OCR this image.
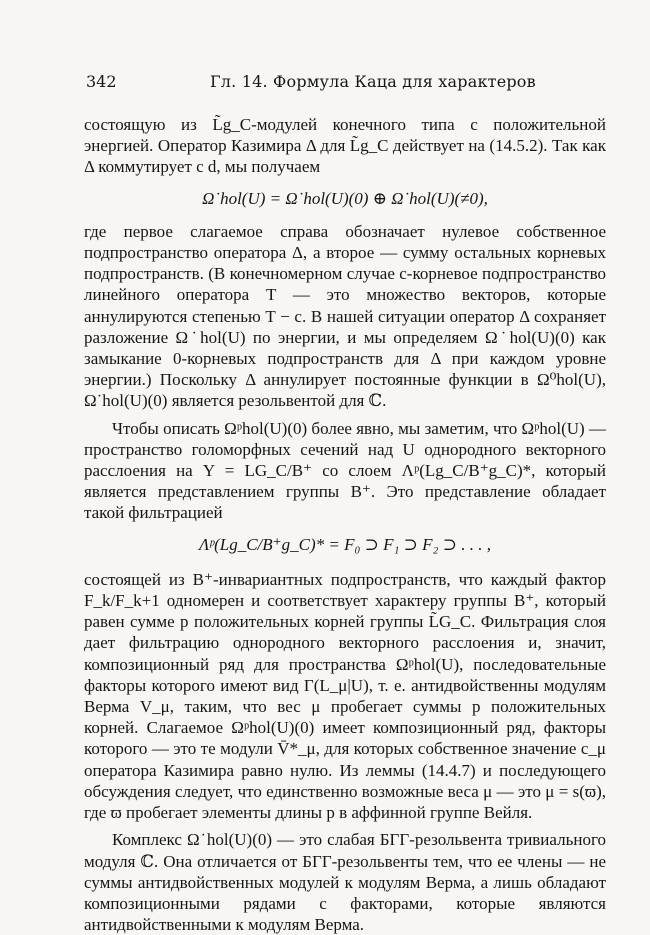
342	Гл. 14. Формула Каца для характеров

состоящую из L̃g_C-модулей конечного типа с положительной энергией. Оператор Казимира Δ для L̃g_C действует на (14.5.2). Так как Δ коммутирует с d, мы получаем

Ω˙hol(U) = Ω˙hol(U)(0) ⊕ Ω˙hol(U)(≠0),

где первое слагаемое справа обозначает нулевое собственное подпространство оператора Δ, а второе — сумму остальных корневых подпространств. (В конечномерном случае c-корневое подпространство линейного оператора T — это множество векторов, которые аннулируются степенью T − c. В нашей ситуации оператор Δ сохраняет разложение Ω˙hol(U) по энергии, и мы определяем Ω˙hol(U)(0) как замыкание 0-корневых подпространств для Δ при каждом уровне энергии.) Поскольку Δ аннулирует постоянные функции в Ω⁰hol(U), Ω˙hol(U)(0) является резольвентой для ℂ.

Чтобы описать Ωᵖhol(U)(0) более явно, мы заметим, что Ωᵖhol(U) — пространство голоморфных сечений над U однородного векторного расслоения на Y = LG_C/B⁺ со слоем Λᵖ(Lg_C/B⁺g_C)*, который является представлением группы B⁺. Это представление обладает такой фильтрацией

Λᵖ(Lg_C/B⁺g_C)* = F₀ ⊃ F₁ ⊃ F₂ ⊃ . . . ,

состоящей из B⁺-инвариантных подпространств, что каждый фактор F_k/F_k+1 одномерен и соответствует характеру группы B⁺, который равен сумме p положительных корней группы L̃G_C. Фильтрация слоя дает фильтрацию однородного векторного расслоения и, значит, композиционный ряд для пространства Ωᵖhol(U), последовательные факторы которого имеют вид Γ(L_μ|U), т. е. антидвойственны модулям Верма V_μ, таким, что вес μ пробегает суммы p положительных корней. Слагаемое Ωᵖhol(U)(0) имеет композиционный ряд, факторы которого — это те модули V̄*_μ, для которых собственное значение c_μ оператора Казимира равно нулю. Из леммы (14.4.7) и последующего обсуждения следует, что единственно возможные веса μ — это μ = s(ϖ), где ϖ пробегает элементы длины p в аффинной группе Вейля.

Комплекс Ω˙hol(U)(0) — это слабая БГГ-резольвента тривиального модуля ℂ. Она отличается от БГГ-резольвенты тем, что ее члены — не суммы антидвойственных модулей к модулям Верма, а лишь обладают композиционными рядами с факторами, которые являются антидвойственными к модулям Верма.
